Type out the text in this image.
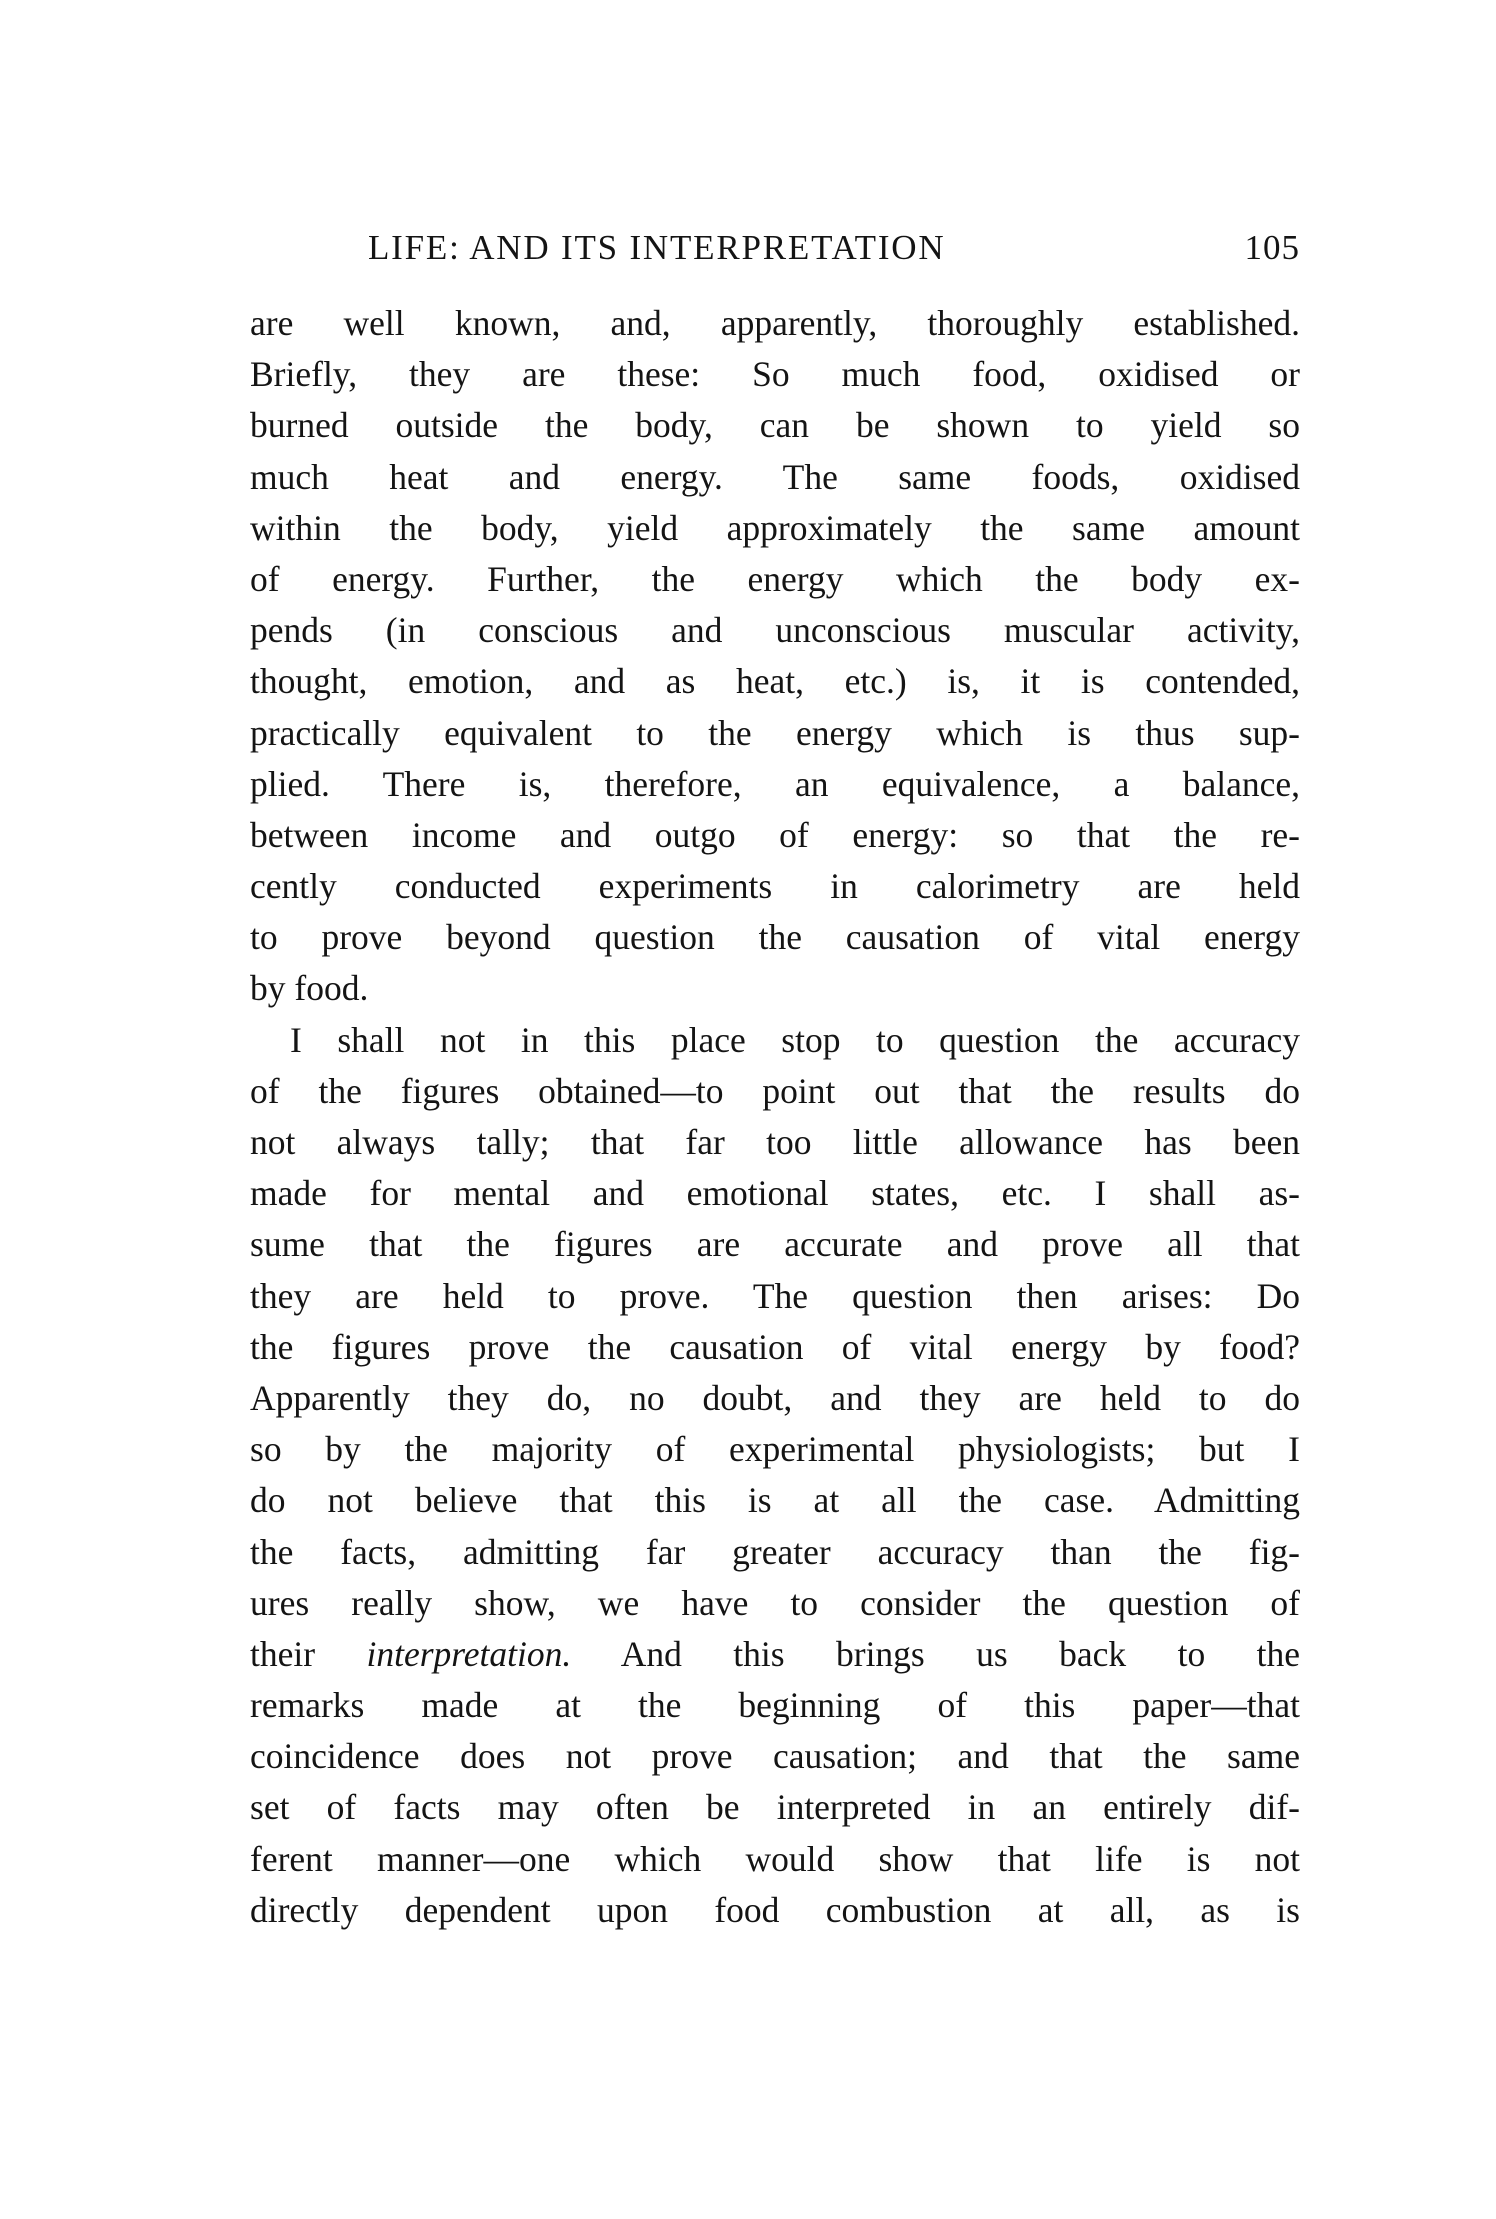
LIFE: AND ITS INTERPRETATION	105
are well known, and, apparently, thoroughly established.
Briefly, they are these: So much food, oxidised or
burned outside the body, can be shown to yield so
much heat and energy. The same foods, oxidised
within the body, yield approximately the same amount
of energy. Further, the energy which the body ex-
pends (in conscious and unconscious muscular activity,
thought, emotion, and as heat, etc.) is, it is contended,
practically equivalent to the energy which is thus sup-
plied. There is, therefore, an equivalence, a balance,
between income and outgo of energy: so that the re-
cently conducted experiments in calorimetry are held
to prove beyond question the causation of vital energy
by food.
I shall not in this place stop to question the accuracy
of the figures obtained—to point out that the results do
not always tally; that far too little allowance has been
made for mental and emotional states, etc. I shall as-
sume that the figures are accurate and prove all that
they are held to prove. The question then arises: Do
the figures prove the causation of vital energy by food?
Apparently they do, no doubt, and they are held to do
so by the majority of experimental physiologists; but I
do not believe that this is at all the case. Admitting
the facts, admitting far greater accuracy than the fig-
ures really show, we have to consider the question of
their interpretation. And this brings us back to the
remarks made at the beginning of this paper—that
coincidence does not prove causation; and that the same
set of facts may often be interpreted in an entirely dif-
ferent manner—one which would show that life is not
directly dependent upon food combustion at all, as is
